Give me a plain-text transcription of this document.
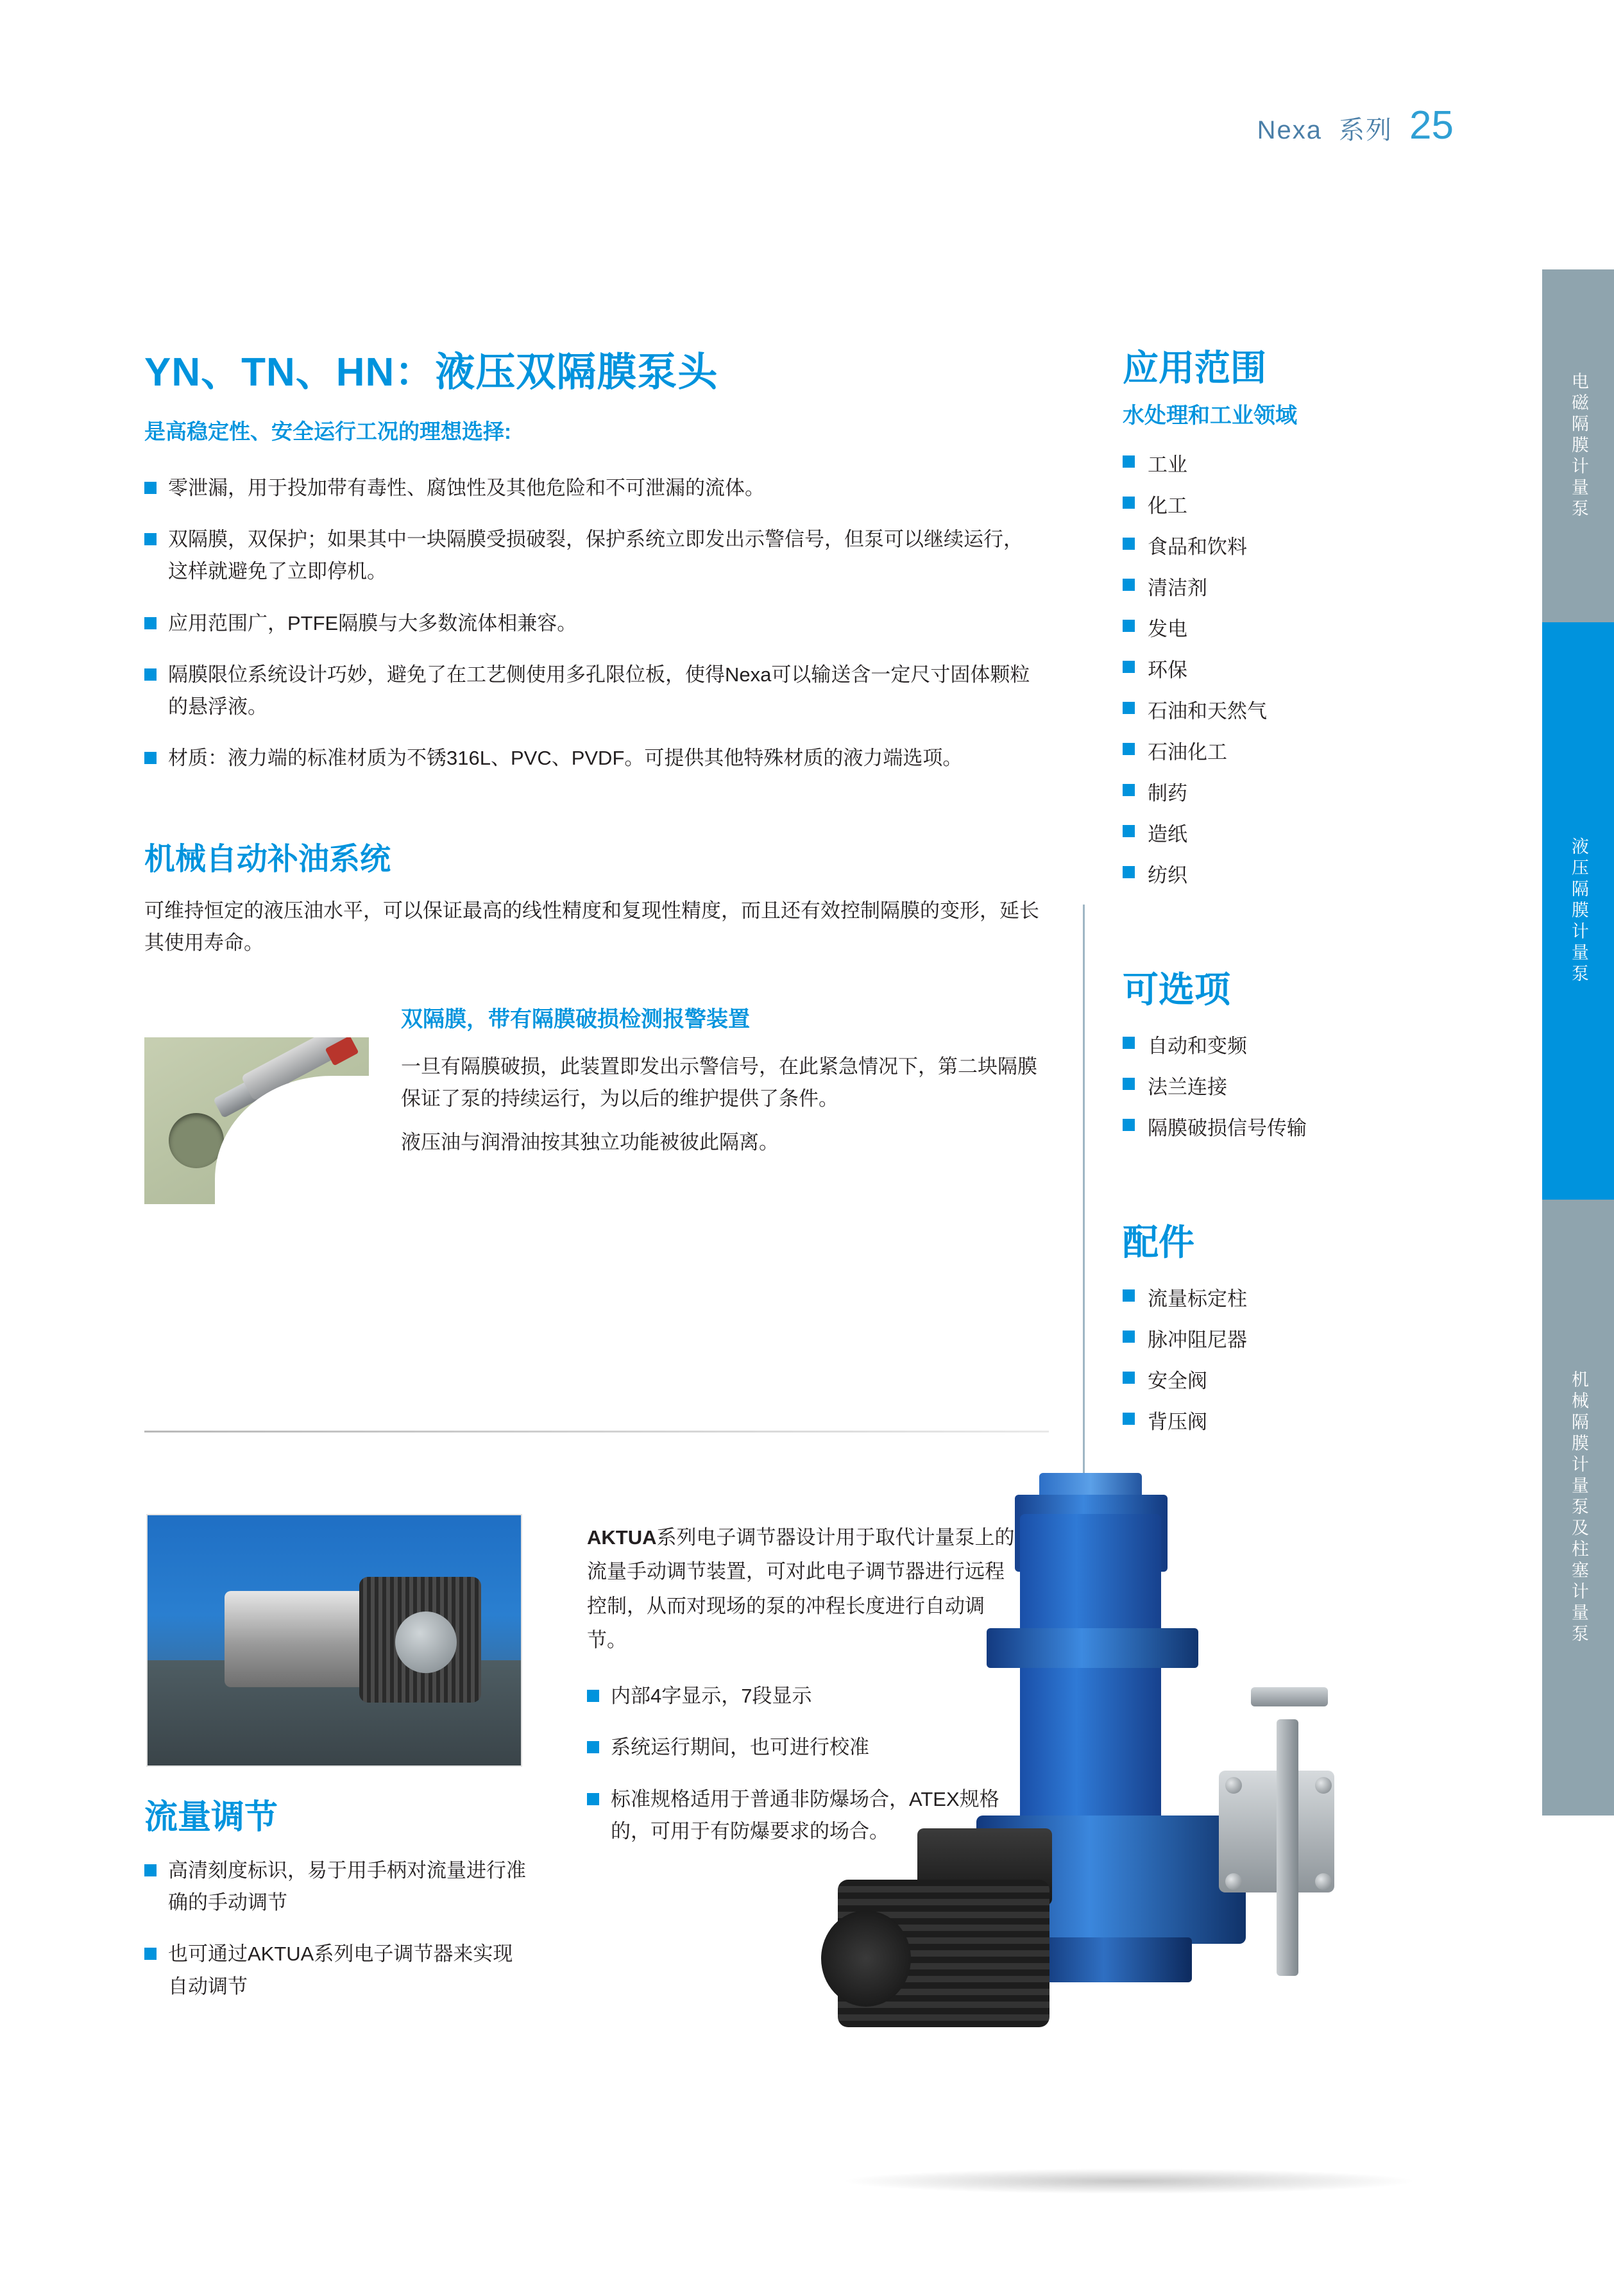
Nexa 系列 25
电磁隔膜计量泵
液压隔膜计量泵
机械隔膜计量泵及柱塞计量泵
YN、TN、HN：液压双隔膜泵头
是高稳定性、安全运行工况的理想选择:
零泄漏，用于投加带有毒性、腐蚀性及其他危险和不可泄漏的流体。
双隔膜，双保护；如果其中一块隔膜受损破裂，保护系统立即发出示警信号，但泵可以继续运行，这样就避免了立即停机。
应用范围广，PTFE隔膜与大多数流体相兼容。
隔膜限位系统设计巧妙，避免了在工艺侧使用多孔限位板，使得Nexa可以输送含一定尺寸固体颗粒的悬浮液。
材质：液力端的标准材质为不锈316L、PVC、PVDF。可提供其他特殊材质的液力端选项。
机械自动补油系统

可维持恒定的液压油水平，可以保证最高的线性精度和复现性精度，而且还有效控制隔膜的变形，延长其使用寿命。

双隔膜，带有隔膜破损检测报警装置

一旦有隔膜破损，此装置即发出示警信号，在此紧急情况下，第二块隔膜保证了泵的持续运行，为以后的维护提供了条件。

液压油与润滑油按其独立功能被彼此隔离。

应用范围
水处理和工业领域
工业
化工
食品和饮料
清洁剂
发电
环保
石油和天然气
石油化工
制药
造纸
纺织
可选项
自动和变频
法兰连接
隔膜破损信号传输
配件
流量标定柱
脉冲阻尼器
安全阀
背压阀
流量调节
高清刻度标识，易于用手柄对流量进行准确的手动调节
也可通过AKTUA系列电子调节器来实现自动调节

AKTUA系列电子调节器设计用于取代计量泵上的流量手动调节装置，可对此电子调节器进行远程控制，从而对现场的泵的冲程长度进行自动调节。

内部4字显示，7段显示
系统运行期间，也可进行校准
标准规格适用于普通非防爆场合，ATEX规格的，可用于有防爆要求的场合。
